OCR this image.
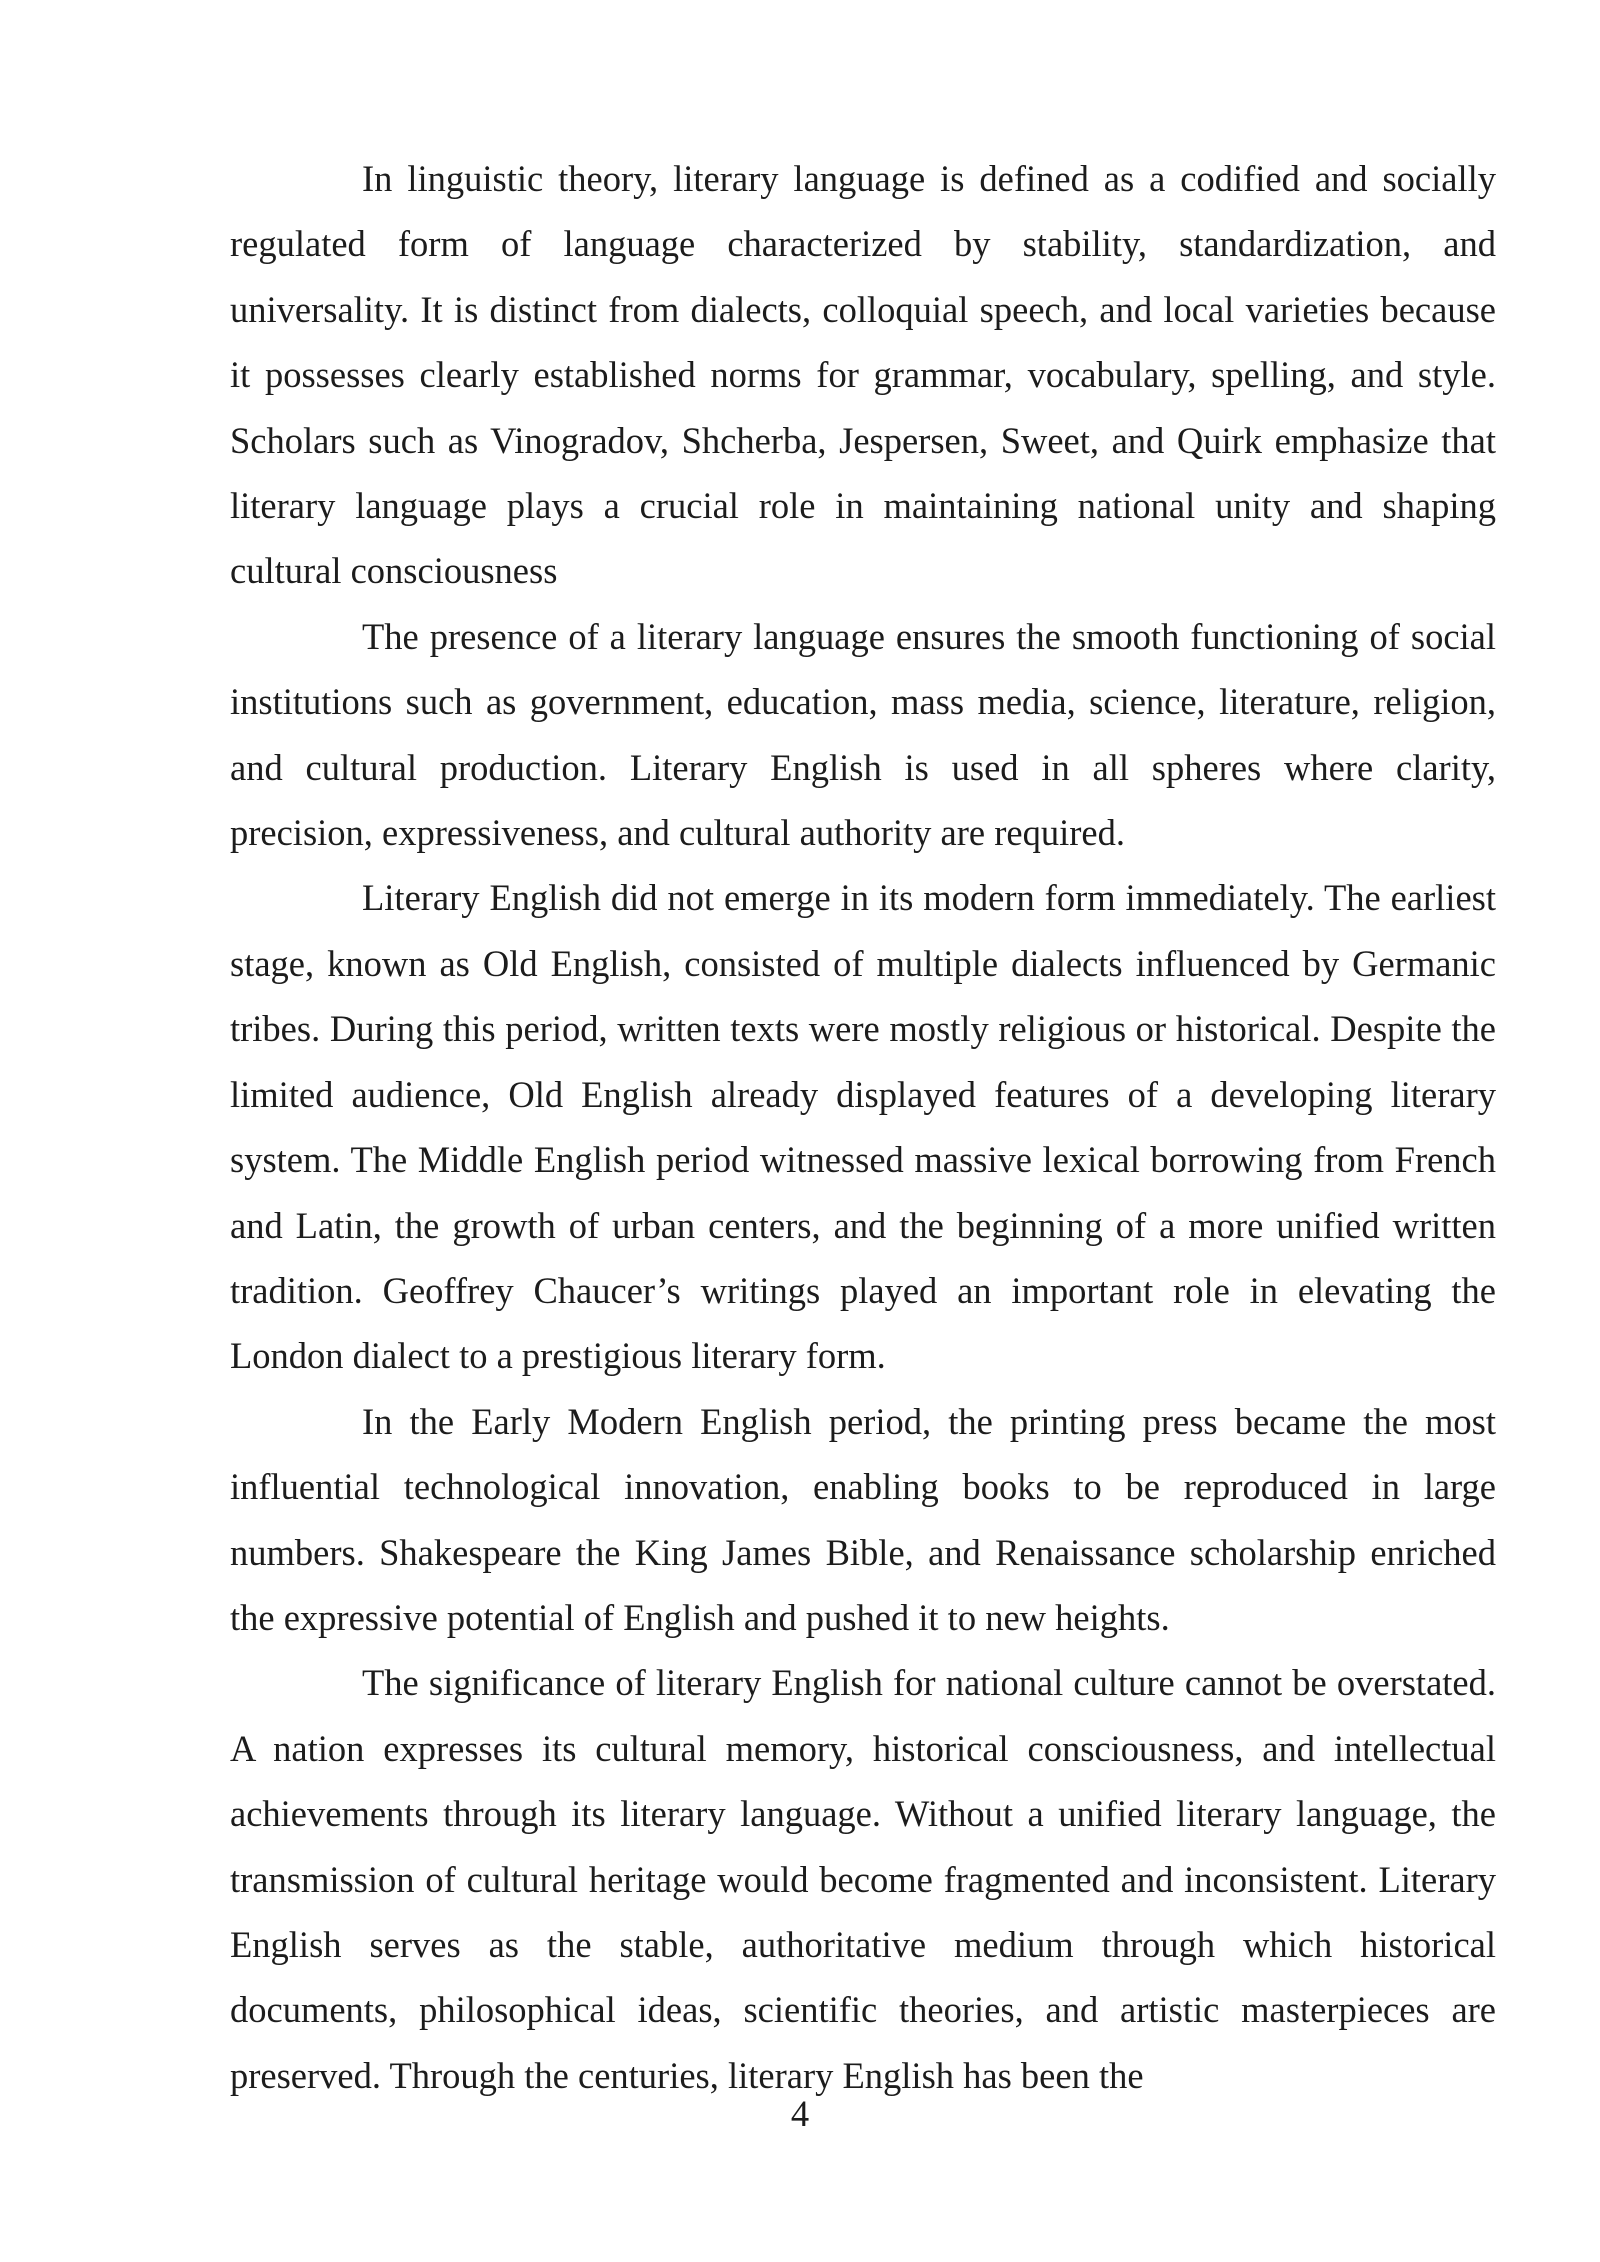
In linguistic theory, literary language is defined as a codified and socially regulated form of language characterized by stability, standardization, and universality. It is distinct from dialects, colloquial speech, and local varieties because it possesses clearly established norms for grammar, vocabulary, spelling, and style. Scholars such as Vinogradov, Shcherba, Jespersen, Sweet, and Quirk emphasize that literary language plays a crucial role in maintaining national unity and shaping cultural consciousness

The presence of a literary language ensures the smooth functioning of social institutions such as government, education, mass media, science, literature, religion, and cultural production. Literary English is used in all spheres where clarity, precision, expressiveness, and cultural authority are required.

Literary English did not emerge in its modern form immediately. The earliest stage, known as Old English, consisted of multiple dialects influenced by Germanic tribes. During this period, written texts were mostly religious or historical. Despite the limited audience, Old English already displayed features of a developing literary system. The Middle English period witnessed massive lexical borrowing from French and Latin, the growth of urban centers, and the beginning of a more unified written tradition. Geoffrey Chaucer’s writings played an important role in elevating the London dialect to a prestigious literary form.

In the Early Modern English period, the printing press became the most influential technological innovation, enabling books to be reproduced in large numbers. Shakespeare the King James Bible, and Renaissance scholarship enriched the expressive potential of English and pushed it to new heights.

The significance of literary English for national culture cannot be overstated. A nation expresses its cultural memory, historical consciousness, and intellectual achievements through its literary language. Without a unified literary language, the transmission of cultural heritage would become fragmented and inconsistent. Literary English serves as the stable, authoritative medium through which historical documents, philosophical ideas, scientific theories, and artistic masterpieces are preserved. Through the centuries, literary English has been the

4
